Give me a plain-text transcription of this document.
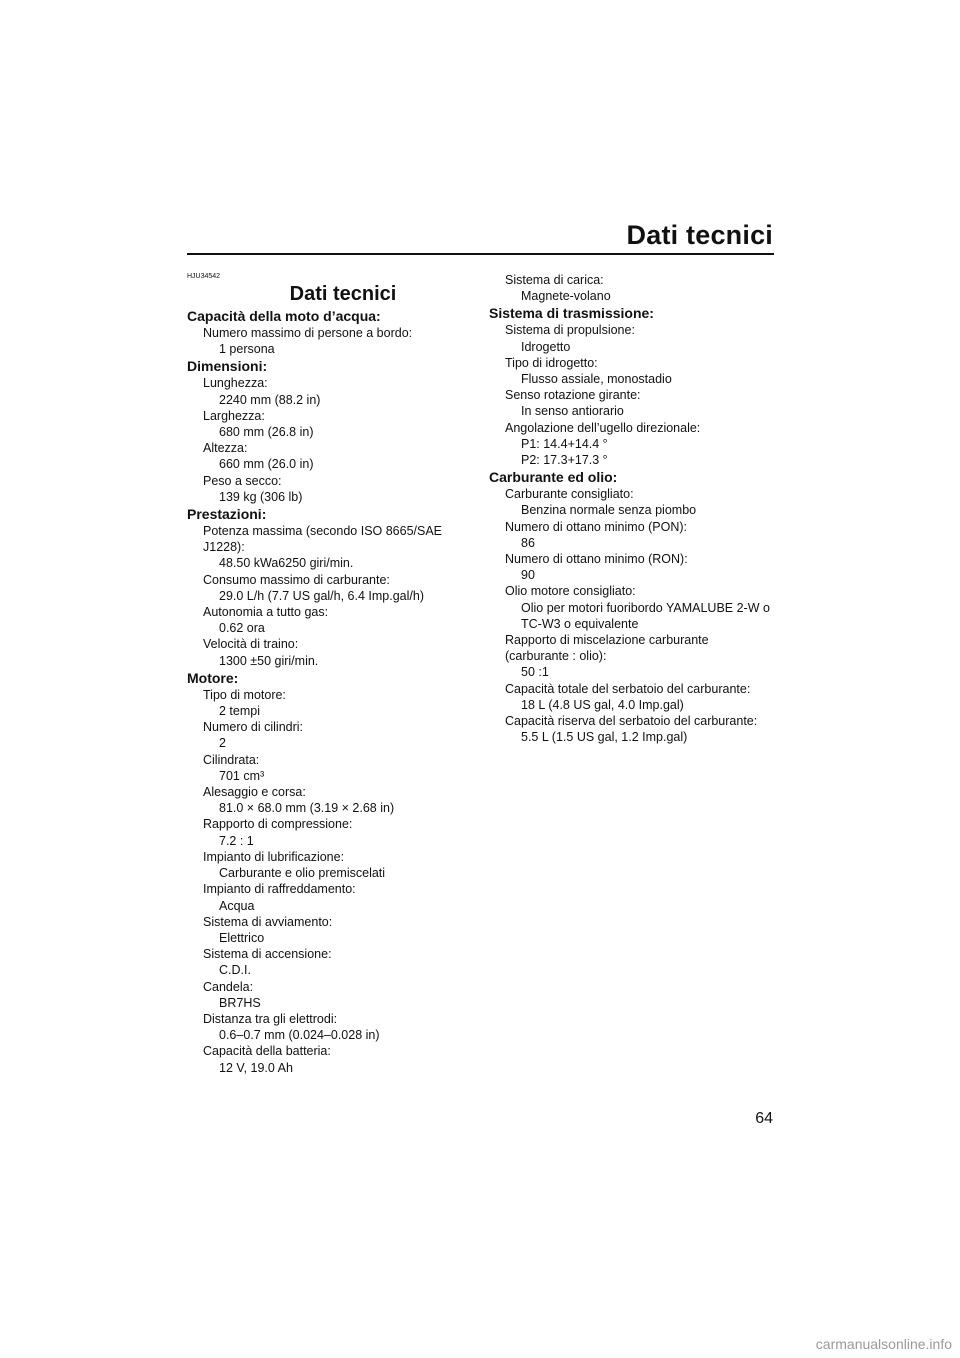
Dati tecnici
HJU34542
Dati tecnici
Capacità della moto d’acqua:
Numero massimo di persone a bordo:
1 persona
Dimensioni:
Lunghezza:
2240 mm (88.2 in)
Larghezza:
680 mm (26.8 in)
Altezza:
660 mm (26.0 in)
Peso a secco:
139 kg (306 lb)
Prestazioni:
Potenza massima (secondo ISO 8665/SAE
J1228):
48.50 kWa6250 giri/min.
Consumo massimo di carburante:
29.0 L/h (7.7 US gal/h, 6.4 Imp.gal/h)
Autonomia a tutto gas:
0.62 ora
Velocità di traino:
1300 ±50 giri/min.
Motore:
Tipo di motore:
2 tempi
Numero di cilindri:
2
Cilindrata:
701 cm³
Alesaggio e corsa:
81.0 × 68.0 mm (3.19 × 2.68 in)
Rapporto di compressione:
7.2 : 1
Impianto di lubrificazione:
Carburante e olio premiscelati
Impianto di raffreddamento:
Acqua
Sistema di avviamento:
Elettrico
Sistema di accensione:
C.D.I.
Candela:
BR7HS
Distanza tra gli elettrodi:
0.6–0.7 mm (0.024–0.028 in)
Capacità della batteria:
12 V, 19.0 Ah
Sistema di carica:
Magnete-volano
Sistema di trasmissione:
Sistema di propulsione:
Idrogetto
Tipo di idrogetto:
Flusso assiale, monostadio
Senso rotazione girante:
In senso antiorario
Angolazione dell’ugello direzionale:
P1: 14.4+14.4 °
P2: 17.3+17.3 °
Carburante ed olio:
Carburante consigliato:
Benzina normale senza piombo
Numero di ottano minimo (PON):
86
Numero di ottano minimo (RON):
90
Olio motore consigliato:
Olio per motori fuoribordo YAMALUBE 2-W o
TC-W3 o equivalente
Rapporto di miscelazione carburante
(carburante : olio):
50 :1
Capacità totale del serbatoio del carburante:
18 L (4.8 US gal, 4.0 Imp.gal)
Capacità riserva del serbatoio del carburante:
5.5 L (1.5 US gal, 1.2 Imp.gal)
64
carmanualsonline.info
